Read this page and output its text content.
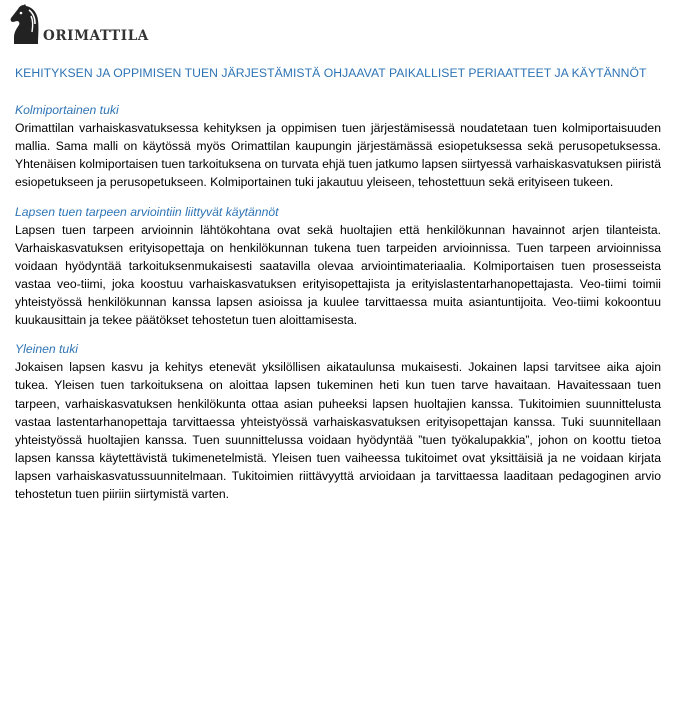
ORIMATTILA
KEHITYKSEN JA OPPIMISEN TUEN JÄRJESTÄMISTÄ OHJAAVAT PAIKALLISET PERIAATTEET JA KÄYTÄNNÖT
Kolmiportainen tuki
Orimattilan varhaiskasvatuksessa kehityksen ja oppimisen tuen järjestämisessä noudatetaan tuen kolmiportaisuuden mallia. Sama malli on käytössä myös Orimattilan kaupungin järjestämässä esiopetuksessa sekä perusopetuksessa. Yhtenäisen kolmiportaisen tuen tarkoituksena on turvata ehjä tuen jatkumo lapsen siirtyessä varhaiskasvatuksen piiristä esiopetukseen ja perusopetukseen. Kolmiportainen tuki jakautuu yleiseen, tehostettuun sekä erityiseen tukeen.
Lapsen tuen tarpeen arviointiin liittyvät käytännöt
Lapsen tuen tarpeen arvioinnin lähtökohtana ovat sekä huoltajien että henkilökunnan havainnot arjen tilanteista. Varhaiskasvatuksen erityisopettaja on henkilökunnan tukena tuen tarpeiden arvioinnissa. Tuen tarpeen arvioinnissa voidaan hyödyntää tarkoituksenmukaisesti saatavilla olevaa arviointimateriaalia. Kolmiportaisen tuen prosesseista vastaa veo-tiimi, joka koostuu varhaiskasvatuksen erityisopettajista ja erityislastentarhanopettajasta. Veo-tiimi toimii yhteistyössä henkilökunnan kanssa lapsen asioissa ja kuulee tarvittaessa muita asiantuntijoita. Veo-tiimi kokoontuu kuukausittain ja tekee päätökset tehostetun tuen aloittamisesta.
Yleinen tuki
Jokaisen lapsen kasvu ja kehitys etenevät yksilöllisen aikataulunsa mukaisesti. Jokainen lapsi tarvitsee aika ajoin tukea. Yleisen tuen tarkoituksena on aloittaa lapsen tukeminen heti kun tuen tarve havaitaan. Havaitessaan tuen tarpeen, varhaiskasvatuksen henkilökunta ottaa asian puheeksi lapsen huoltajien kanssa. Tukitoimien suunnittelusta vastaa lastentarhanopettaja tarvittaessa yhteistyössä varhaiskasvatuksen erityisopettajan kanssa. Tuki suunnitellaan yhteistyössä huoltajien kanssa. Tuen suunnittelussa voidaan hyödyntää ”tuen työkalupakkia”, johon on koottu tietoa lapsen kanssa käytettävistä tukimenetelmistä. Yleisen tuen vaiheessa tukitoimet ovat yksittäisiä ja ne voidaan kirjata lapsen varhaiskasvatussuunnitelmaan. Tukitoimien riittävyyttä arvioidaan ja tarvittaessa laaditaan pedagoginen arvio tehostetun tuen piiriin siirtymistä varten.
